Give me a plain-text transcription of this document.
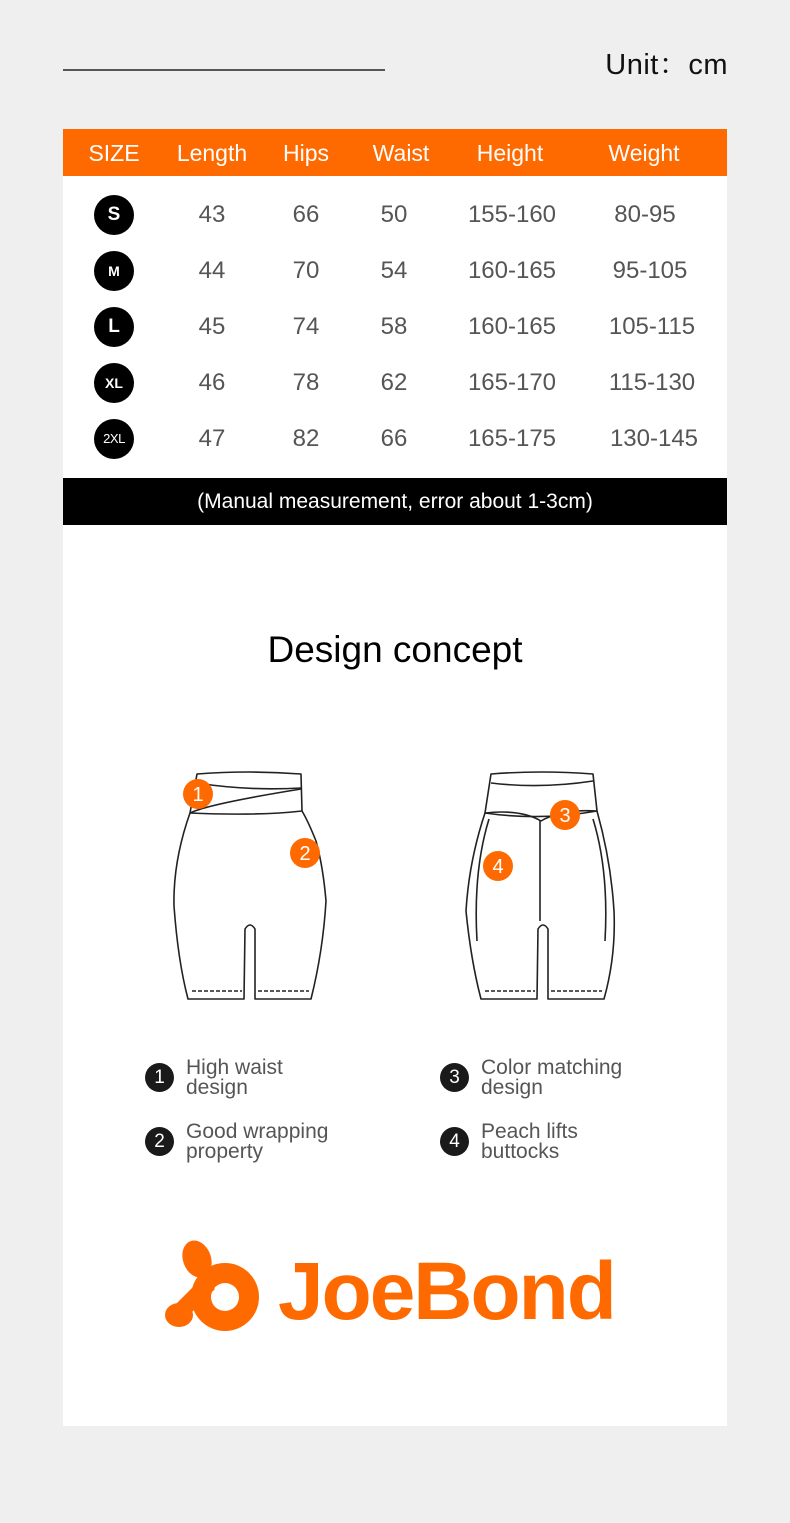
Unit：cm
SIZE	Length	Hips	Waist	Height	Weight
S	43	66	50	155-160	80-95
M	44	70	54	160-165	95-105
L	45	74	58	160-165	105-115
XL	46	78	62	165-170	115-130
2XL	47	82	66	165-175	130-145
(Manual measurement, error about 1-3cm)
Design concept
1
2
3
4
1	High waist
design
2	Good wrapping
property
3	Color matching
design
4	Peach lifts
buttocks
JoeBond
